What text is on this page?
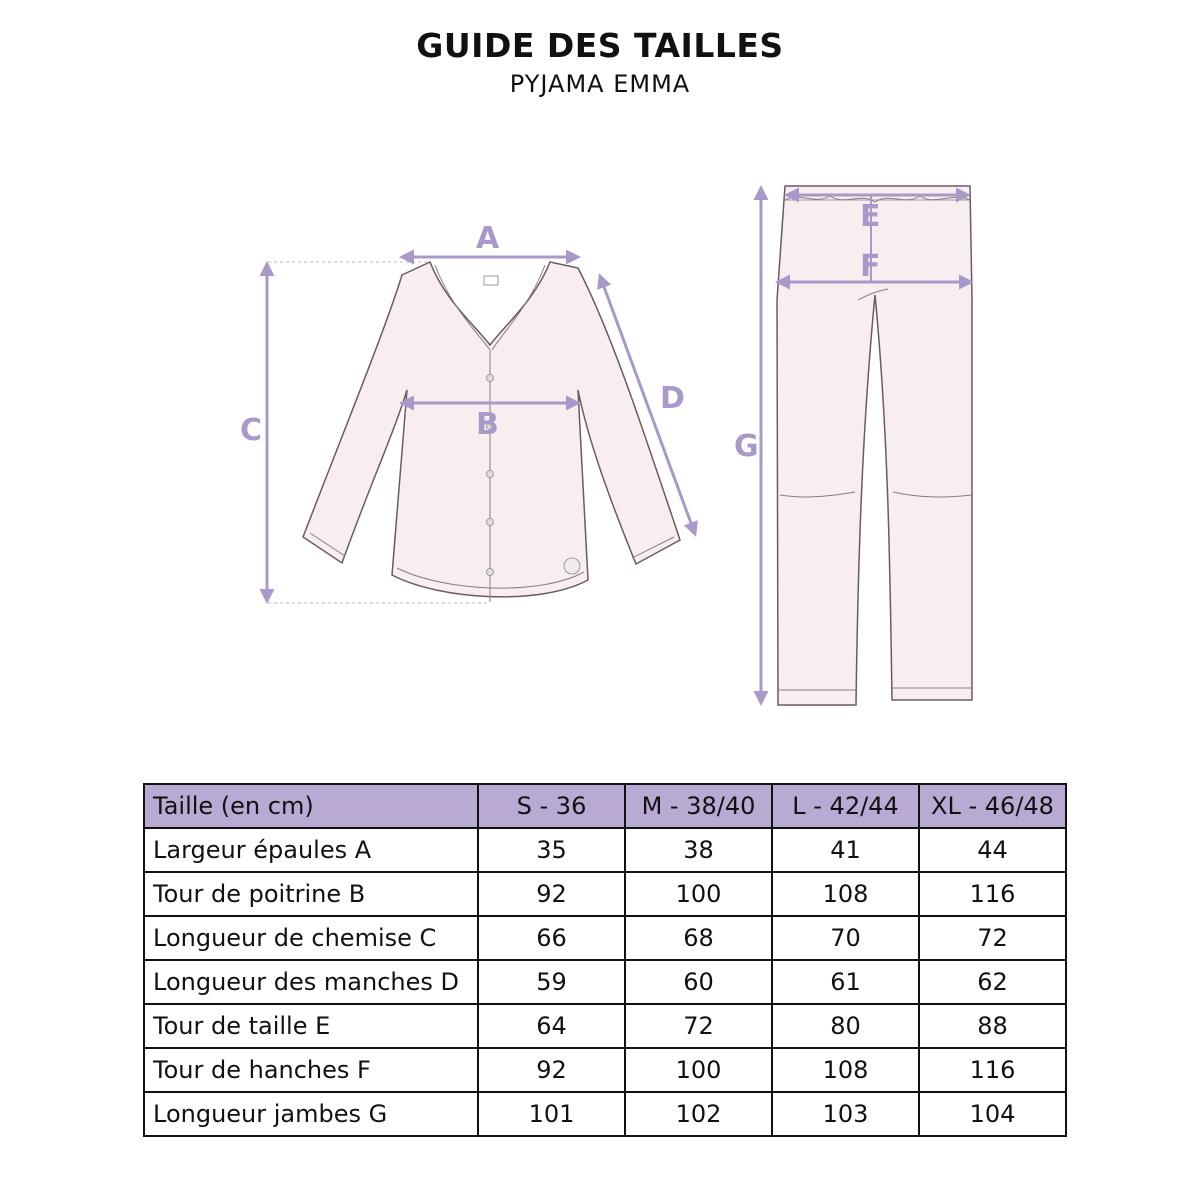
GUIDE DES TAILLES
PYJAMA EMMA
A
B
C
D
E
F
G
Taille (en cm)	S - 36	M - 38/40	L - 42/44	XL - 46/48
Largeur épaules A	35	38	41	44
Tour de poitrine B	92	100	108	116
Longueur de chemise C	66	68	70	72
Longueur des manches D	59	60	61	62
Tour de taille E	64	72	80	88
Tour de hanches F	92	100	108	116
Longueur jambes G	101	102	103	104
